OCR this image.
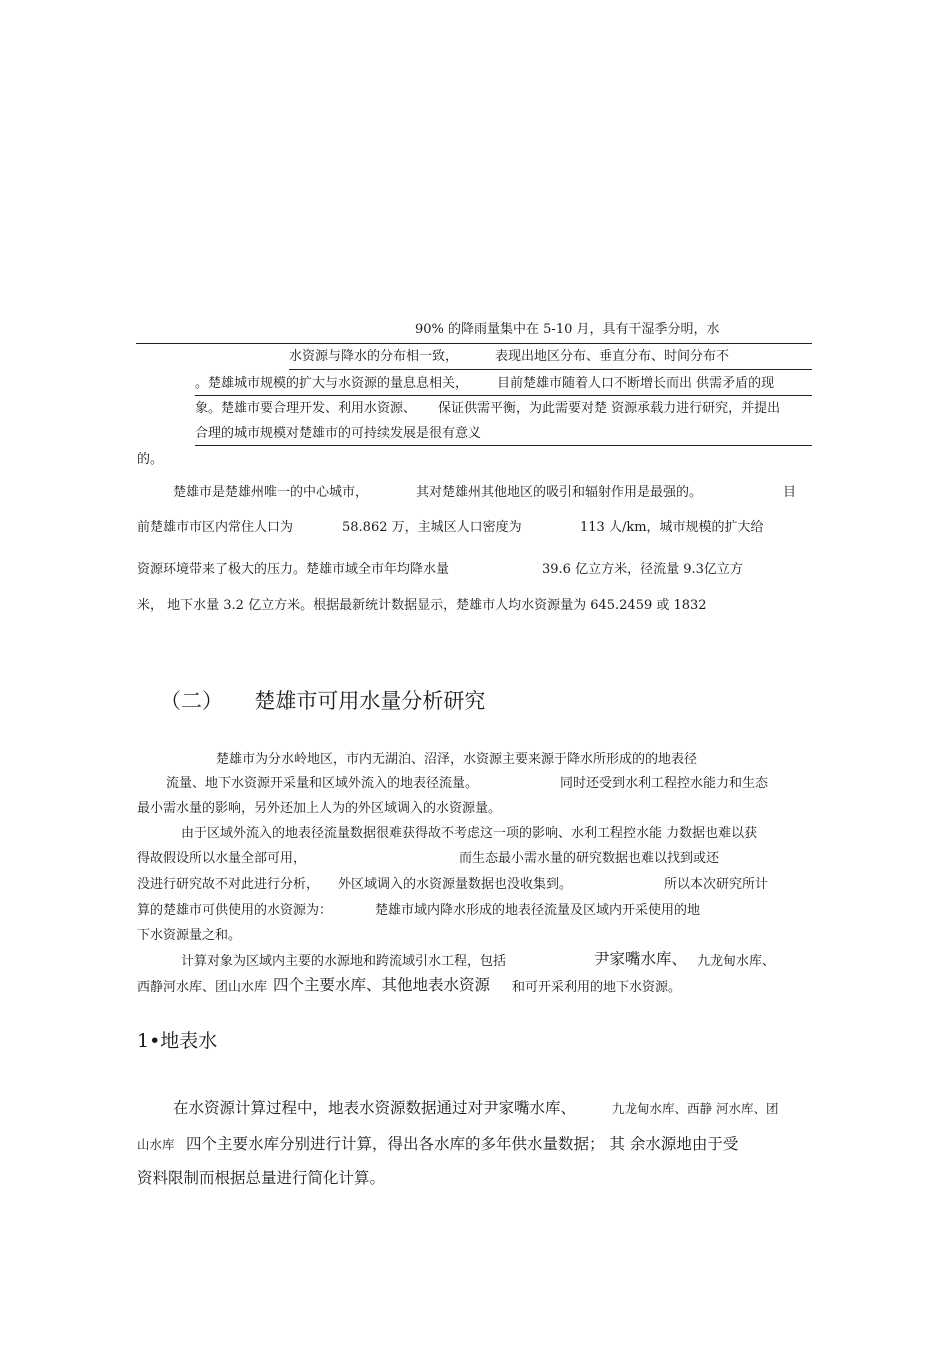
90% 的降雨量集中在 5-10 月，具有干湿季分明，水
水资源与降水的分布相一致，	表现出地区分布、垂直分布、时间分布不
。楚雄城市规模的扩大与水资源的量息息相关， 目前楚雄市随着人口不断增长而出 供需矛盾的现
象。楚雄市要合理开发、利用水资源、 保证供需平衡，为此需要对楚 资源承载力进行研究，并提出
合理的城市规模对楚雄市的可持续发展是很有意义
的。
楚雄市是楚雄州唯一的中心城市，	其对楚雄州其他地区的吸引和辐射作用是最强的。	目
前楚雄市市区内常住人口为	58.862 万，主城区人口密度为	113 人/km，城市规模的扩大给
资源环境带来了极大的压力。楚雄市域全市年均降水量	39.6 亿立方米，径流量 9.3亿立方
米， 地下水量 3.2 亿立方米。根据最新统计数据显示，楚雄市人均水资源量为 645.2459 或 1832
（二） 楚雄市可用水量分析研究
楚雄市为分水岭地区，市内无湖泊、沼泽，水资源主要来源于降水所形成的的地表径
流量、地下水资源开采量和区域外流入的地表径流量。	同时还受到水利工程控水能力和生态
最小需水量的影响，另外还加上人为的外区域调入的水资源量。
由于区域外流入的地表径流量数据很难获得故不考虑这一项的影响、水利工程控水能 力数据也难以获
得故假设所以水量全部可用，	而生态最小需水量的研究数据也难以找到或还
没进行研究故不对此进行分析， 外区域调入的水资源量数据也没收集到。	所以本次研究所计
算的楚雄市可供使用的水资源为：	楚雄市域内降水形成的地表径流量及区域内开采使用的地
下水资源量之和。
计算对象为区域内主要的水源地和跨流域引水工程，包括	尹家嘴水库、 九龙甸水库、
西静河水库、团山水库 四个主要水库、其他地表水资源 和可开采利用的地下水资源。
1•地表水
在水资源计算过程中，地表水资源数据通过对尹家嘴水库、	九龙甸水库、西静 河水库、团
山水库 四个主要水库分别进行计算，得出各水库的多年供水量数据； 其 余水源地由于受
资料限制而根据总量进行简化计算。
